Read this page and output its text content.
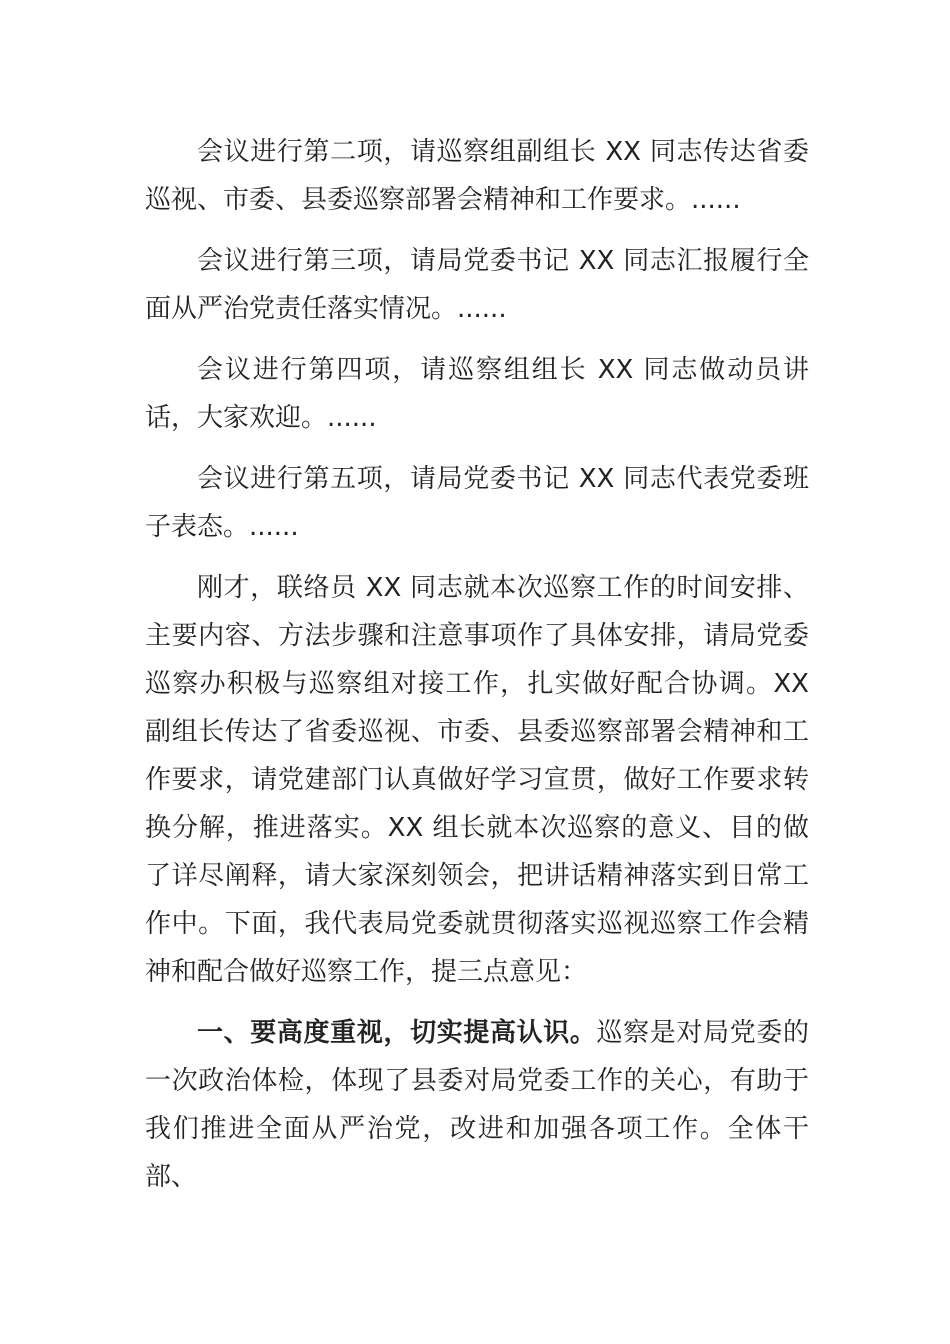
会议进行第二项，请巡察组副组长 XX 同志传达省委巡视、市委、县委巡察部署会精神和工作要求。......

会议进行第三项，请局党委书记 XX 同志汇报履行全面从严治党责任落实情况。......

会议进行第四项，请巡察组组长 XX 同志做动员讲话，大家欢迎。......

会议进行第五项，请局党委书记 XX 同志代表党委班子表态。......

刚才，联络员 XX 同志就本次巡察工作的时间安排、主要内容、方法步骤和注意事项作了具体安排，请局党委巡察办积极与巡察组对接工作，扎实做好配合协调。XX 副组长传达了省委巡视、市委、县委巡察部署会精神和工作要求，请党建部门认真做好学习宣贯，做好工作要求转换分解，推进落实。XX 组长就本次巡察的意义、目的做了详尽阐释，请大家深刻领会，把讲话精神落实到日常工作中。下面，我代表局党委就贯彻落实巡视巡察工作会精神和配合做好巡察工作，提三点意见：

一、要高度重视，切实提高认识。巡察是对局党委的一次政治体检，体现了县委对局党委工作的关心，有助于我们推进全面从严治党，改进和加强各项工作。全体干部、
